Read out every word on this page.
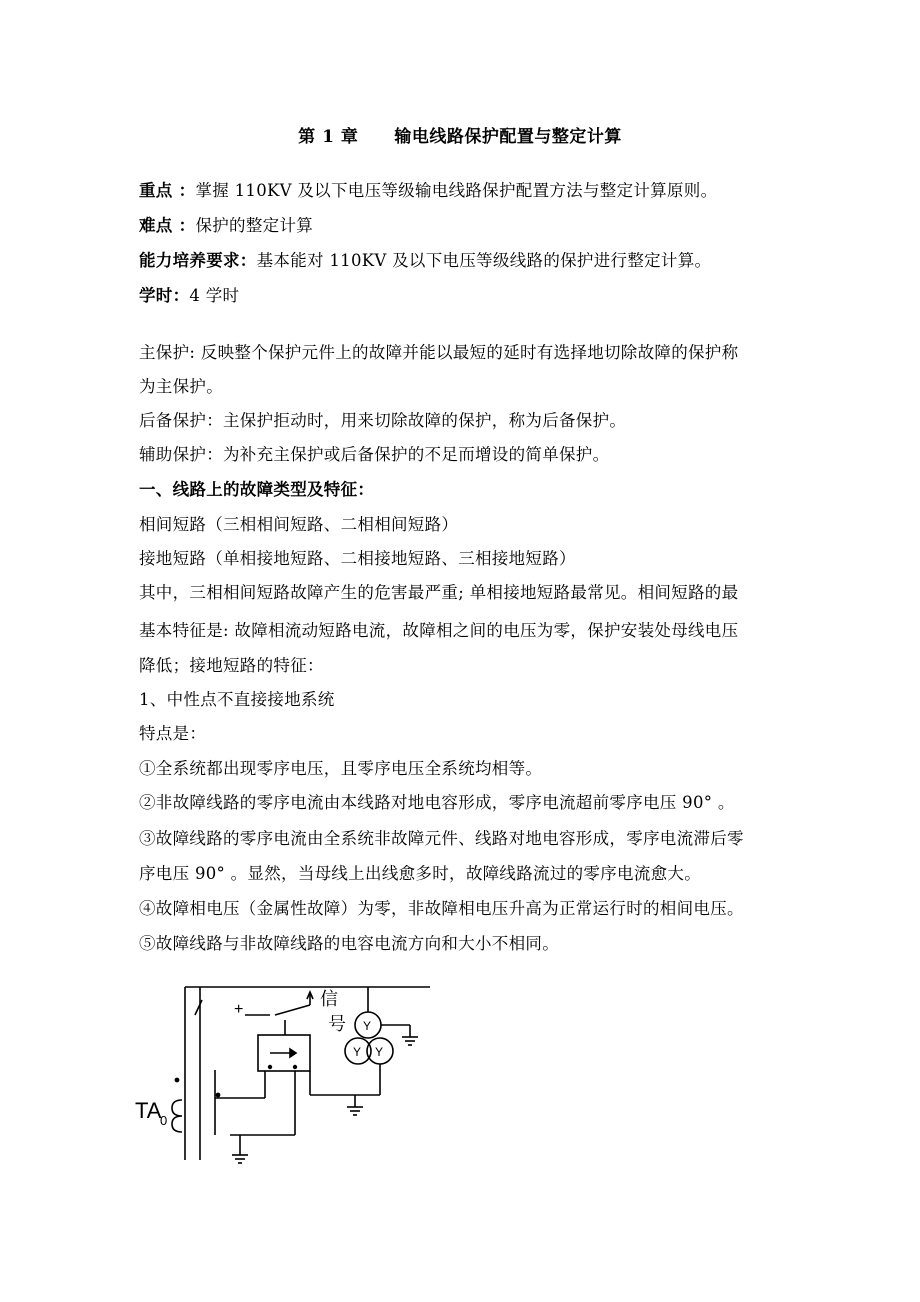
第 1 章 输电线路保护配置与整定计算
重点 ：掌握 110KV 及以下电压等级输电线路保护配置方法与整定计算原则。
难点 ：保护的整定计算
能力培养要求：基本能对 110KV 及以下电压等级线路的保护进行整定计算。
学时：4 学时
主保护: 反映整个保护元件上的故障并能以最短的延时有选择地切除故障的保护称
为主保护。
后备保护：主保护拒动时，用来切除故障的保护，称为后备保护。
辅助保护：为补充主保护或后备保护的不足而增设的简单保护。
一、线路上的故障类型及特征：
相间短路（三相相间短路、二相相间短路）
接地短路（单相接地短路、二相接地短路、三相接地短路）
其中，三相相间短路故障产生的危害最严重; 单相接地短路最常见。相间短路的最
基本特征是: 故障相流动短路电流，故障相之间的电压为零，保护安装处母线电压
降低；接地短路的特征：
1、中性点不直接接地系统
特点是：
①全系统都出现零序电压，且零序电压全系统均相等。
②非故障线路的零序电流由本线路对地电容形成，零序电流超前零序电压 90° 。
③故障线路的零序电流由全系统非故障元件、线路对地电容形成，零序电流滞后零
序电压 90° 。显然，当母线上出线愈多时，故障线路流过的零序电流愈大。
④故障相电压（金属性故障）为零，非故障相电压升高为正常运行时的相间电压。
⑤故障线路与非故障线路的电容电流方向和大小不相同。
+	信
号 Y
Y Y
TA
0
